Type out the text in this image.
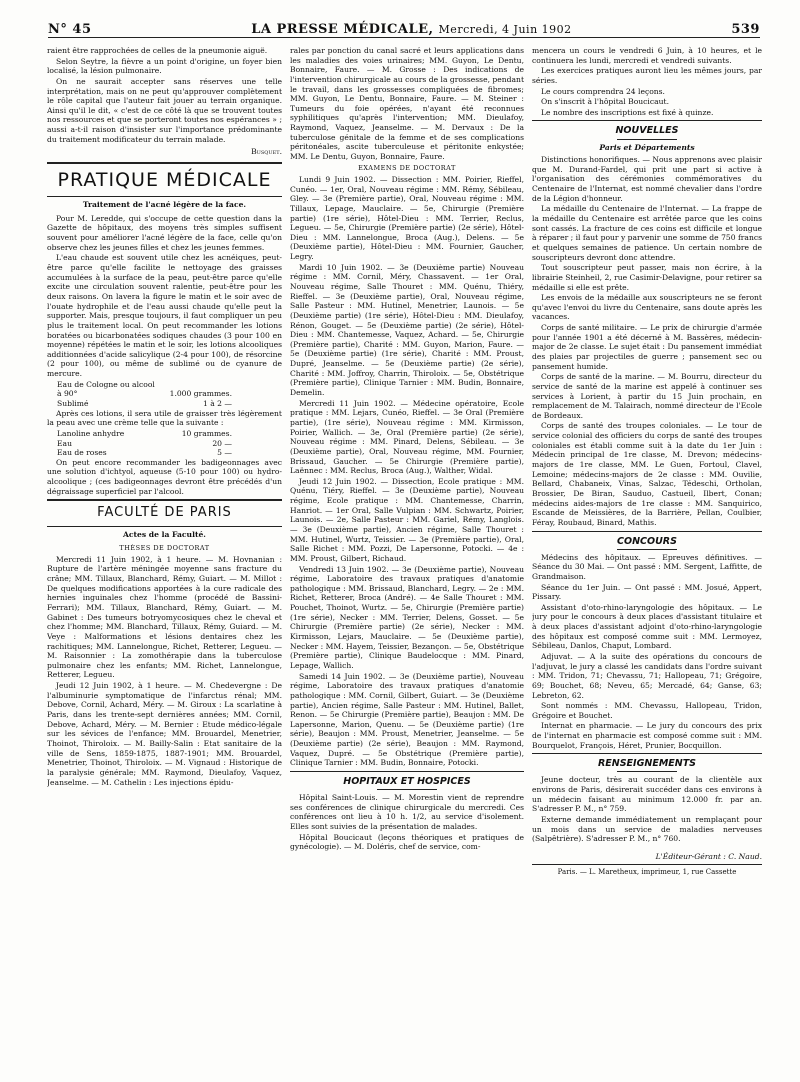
N° 45	LA PRESSE MÉDICALE, Mercredi, 4 Juin 1902	539

raient être rapprochées de celles de la pneumonie aiguë.

Selon Seytre, la fièvre a un point d'origine, un foyer bien localisé, la lésion pulmonaire.

On ne saurait accepter sans réserves une telle interprétation, mais on ne peut qu'approuver complètement le rôle capital que l'auteur fait jouer au terrain organique. Ainsi qu'il le dit, « c'est de ce côté là que se trouvent toutes nos ressources et que se porteront toutes nos espérances » ; aussi a-t-il raison d'insister sur l'importance prédominante du traitement modificateur du terrain malade.

Busquet.
PRATIQUE MÉDICALE
Traitement de l'acné légère de la face.

Pour M. Leredde, qui s'occupe de cette question dans la Gazette de hôpitaux, des moyens très simples suffisent souvent pour améliorer l'acné légère de la face, celle qu'on observe chez les jeunes filles et chez les jeunes femmes.

L'eau chaude est souvent utile chez les acnéiques, peut-être parce qu'elle facilite le nettoyage des graisses accumulées à la surface de la peau, peut-être parce qu'elle excite une circulation souvent ralentie, peut-être pour les deux raisons. On lavera la figure le matin et le soir avec de l'ouate hydrophile et de l'eau aussi chaude qu'elle peut la supporter. Mais, presque toujours, il faut compliquer un peu plus le traitement local. On peut recommander les lotions boratées ou bicarbonatées sodiques chaudes (3 pour 100 en moyenne) répétées le matin et le soir, les lotions alcooliques additionnées d'acide salicylique (2-4 pour 100), de résorcine (2 pour 100), ou même de sublimé ou de cyanure de mercure.

Eau de Cologne ou alcool
à 90°	1.000 grammes.
Sublimé	1 à 2 —

Après ces lotions, il sera utile de graisser très légèrement la peau avec une crème telle que la suivante :

Lanoline anhydre	10 grammes.
Eau	20 —
Eau de roses	5 —

On peut encore recommander les badigeonnages avec une solution d'ichtyol, aqueuse (5-10 pour 100) ou hydro-alcoolique ; (ces badigeonnages devront être précédés d'un dégraissage superficiel par l'alcool.

FACULTÉ DE PARIS
Actes de la Faculté.
THÈSES DE DOCTORAT

Mercredi 11 Juin 1902, à 1 heure. — M. Hovnanian : Rupture de l'artère méningée moyenne sans fracture du crâne; MM. Tillaux, Blanchard, Rémy, Guiart. — M. Millot : De quelques modifications apportées à la cure radicale des hernies inguinales chez l'homme (procédé de Bassini-Ferrari); MM. Tillaux, Blanchard, Rémy, Guiart. — M. Gabinet : Des tumeurs botryomycosiques chez le cheval et chez l'homme; MM. Blanchard, Tillaux, Rémy, Guiard. — M. Veye : Malformations et lésions dentaires chez les rachitiques; MM. Lannelongue, Richet, Retterer, Legueu. — M. Raisonnier : La zomothérapie dans la tuberculose pulmonaire chez les enfants; MM. Richet, Lannelongue, Retterer, Legueu.

Jeudi 12 Juin 1902, à 1 heure. — M. Chedevergne : De l'albuminurie symptomatique de l'infarctus rénal; MM. Debove, Cornil, Achard, Méry. — M. Giroux : La scarlatine à Paris, dans les trente-sept dernières années; MM. Cornil, Debove, Achard, Méry. — M. Bernier : Etude médico-légale sur les sévices de l'enfance; MM. Brouardel, Menetrier, Thoinot, Thiroloix. — M. Bailly-Salin : Etat sanitaire de la ville de Sens, 1859-1875, 1887-1901; MM. Brouardel, Menetrier, Thoinot, Thiroloix. — M. Vignaud : Historique de la paralysie générale; MM. Raymond, Dieulafoy, Vaquez, Jeanselme. — M. Cathelin : Les injections épidu-

rales par ponction du canal sacré et leurs applications dans les maladies des voies urinaires; MM. Guyon, Le Dentu, Bonnaire, Faure. — M. Grosse : Des indications de l'intervention chirurgicale au cours de la grossesse, pendant le travail, dans les grossesses compliquées de fibromes; MM. Guyon, Le Dentu, Bonnaire, Faure. — M. Steiner : Tumeurs du foie opérées, n'ayant été reconnues syphilitiques qu'après l'intervention; MM. Dieulafoy, Raymond, Vaquez, Jeanselme. — M. Dervaux : De la tuberculose génitale de la femme et de ses complications péritonéales, ascite tuberculeuse et péritonite enkystée; MM. Le Dentu, Guyon, Bonnaire, Faure.

EXAMENS DE DOCTORAT

Lundi 9 Juin 1902. — Dissection : MM. Poirier, Rieffel, Cunéo. — 1er, Oral, Nouveau régime : MM. Rémy, Sébileau, Gley. — 3e (Première partie), Oral, Nouveau régime : MM. Tillaux, Lepage, Mauclaire. — 5e, Chirurgie (Première partie) (1re série), Hôtel-Dieu : MM. Terrier, Reclus, Legueu. — 5e, Chirurgie (Première partie) (2e série), Hôtel-Dieu : MM. Lannelongue, Broca (Aug.), Delens. — 5e (Deuxième partie), Hôtel-Dieu : MM. Fournier, Gaucher, Legry.

Mardi 10 Juin 1902. — 3e (Deuxième partie) Nouveau régime : MM. Cornil, Méry, Chassavent. — 1er Oral, Nouveau régime, Salle Thouret : MM. Quénu, Thiéry, Rieffel. — 3e (Deuxième partie), Oral, Nouveau régime, Salle Pasteur : MM. Hutinel, Menetrier, Launois. — 5e (Deuxième partie) (1re série), Hôtel-Dieu : MM. Dieulafoy, Rénon, Gouget. — 5e (Deuxième partie) (2e série), Hôtel-Dieu : MM. Chantemesse, Vaquez, Achard. — 5e, Chirurgie (Première partie), Charité : MM. Guyon, Marion, Faure. — 5e (Deuxième partie) (1re série), Charité : MM. Proust, Dupré, Jeanselme. — 5e (Deuxième partie) (2e série), Charité : MM. Joffroy, Charrin, Thiroloix. — 5e, Obstétrique (Première partie), Clinique Tarnier : MM. Budin, Bonnaire, Demelin.

Mercredi 11 Juin 1902. — Médecine opératoire, Ecole pratique : MM. Lejars, Cunéo, Rieffel. — 3e Oral (Première partie), (1re série), Nouveau régime : MM. Kirmisson, Poirier, Wallich. — 3e, Oral (Première partie) (2e série), Nouveau régime : MM. Pinard, Delens, Sébileau. — 3e (Deuxième partie), Oral, Nouveau régime, MM. Fournier, Brissaud, Gaucher. — 5e Chirurgie (Première partie), Laënnec : MM. Reclus, Broca (Aug.), Walther, Widal.

Jeudi 12 Juin 1902. — Dissection, Ecole pratique : MM. Quénu, Tiéry, Rieffel. — 3e (Deuxième partie), Nouveau régime, Ecole pratique : MM. Chantemesse, Charrin, Hanriot. — 1er Oral, Salle Vulpian : MM. Schwartz, Poirier, Launois. — 2e, Salle Pasteur : MM. Gariel, Rémy, Langlois. — 3e (Deuxième partie), Ancien régime, Salle Thouret : MM. Hutinel, Wurtz, Teissier. — 3e (Première partie), Oral, Salle Richet : MM. Pozzi, De Lapersonne, Potocki. — 4e : MM. Proust, Gilbert, Richaud.

Vendredi 13 Juin 1902. — 3e (Deuxième partie), Nouveau régime, Laboratoire des travaux pratiques d'anatomie pathologique : MM. Brissaud, Blanchard, Legry. — 2e : MM. Richet, Retterer, Broca (André). — 4e Salle Thouret : MM. Pouchet, Thoinot, Wurtz. — 5e, Chirurgie (Première partie) (1re série), Necker : MM. Terrier, Delens, Gosset. — 5e Chirurgie (Première partie) (2e série), Necker : MM. Kirmisson, Lejars, Mauclaire. — 5e (Deuxième partie), Necker : MM. Hayem, Teissier, Bezançon. — 5e, Obstétrique (Première partie), Clinique Baudelocque : MM. Pinard, Lepage, Wallich.

Samedi 14 Juin 1902. — 3e (Deuxième partie), Nouveau régime, Laboratoire des travaux pratiques d'anatomie pathologique : MM. Cornil, Gilbert, Guiart. — 3e (Deuxième partie), Ancien régime, Salle Pasteur : MM. Hutinel, Ballet, Renon. — 5e Chirurgie (Première partie), Beaujon : MM. De Lapersonne, Marion, Quenu. — 5e (Deuxième partie) (1re série), Beaujon : MM. Proust, Menetrier, Jeanselme. — 5e (Deuxième partie) (2e série), Beaujon : MM. Raymond, Vaquez, Dupré. — 5e Obstétrique (Première partie), Clinique Tarnier : MM. Budin, Bonnaire, Potocki.

HOPITAUX ET HOSPICES

Hôpital Saint-Louis. — M. Morestin vient de reprendre ses conférences de clinique chirurgicale du mercredi. Ces conférences ont lieu à 10 h. 1/2, au service d'isolement. Elles sont suivies de la présentation de malades.

Hôpital Boucicaut (leçons théoriques et pratiques de gynécologie). — M. Doléris, chef de service, com-

mencera un cours le vendredi 6 Juin, à 10 heures, et le continuera les lundi, mercredi et vendredi suivants.

Les exercices pratiques auront lieu les mêmes jours, par séries.

Le cours comprendra 24 leçons.

On s'inscrit à l'hôpital Boucicaut.

Le nombre des inscriptions est fixé à quinze.

NOUVELLES
Paris et Départements

Distinctions honorifiques. — Nous apprenons avec plaisir que M. Durand-Fardel, qui prit une part si active à l'organisation des cérémonies commémoratives du Centenaire de l'Internat, est nommé chevalier dans l'ordre de la Légion d'honneur.

La médaille du Centenaire de l'Internat. — La frappe de la médaille du Centenaire est arrêtée parce que les coins sont cassés. La fracture de ces coins est difficile et longue à réparer ; il faut pour y parvenir une somme de 750 francs et quelques semaines de patience. Un certain nombre de souscripteurs devront donc attendre.

Tout souscripteur peut passer, mais non écrire, à la librairie Steinheil, 2, rue Casimir-Delavigne, pour retirer sa médaille si elle est prête.

Les envois de la médaille aux souscripteurs ne se feront qu'avec l'envoi du livre du Centenaire, sans doute après les vacances.

Corps de santé militaire. — Le prix de chirurgie d'armée pour l'année 1901 a été décerné à M. Bassères, médecin-major de 2e classe. Le sujet était : Du pansement immédiat des plaies par projectiles de guerre ; pansement sec ou pansement humide.

Corps de santé de la marine. — M. Bourru, directeur du service de santé de la marine est appelé à continuer ses services à Lorient, à partir du 15 Juin prochain, en remplacement de M. Talairach, nommé directeur de l'Ecole de Bordeaux.

Corps de santé des troupes coloniales. — Le tour de service colonial des officiers du corps de santé des troupes coloniales est établi comme suit à la date du 1er Juin : Médecin principal de 1re classe, M. Drevon; médecins-majors de 1re classe, MM. Le Guen, Fortoul, Clavel, Lemoine; médecins-majors de 2e classe : MM. Ouvilie, Bellard, Chabaneix, Vinas, Salzac, Tédeschi, Ortholan, Brossier, De Biran, Sauduo, Castueil, Ilbert, Conan; médecins aides-majors de 1re classe : MM. Sanquirico, Escande de Meissières, de la Barrière, Pellan, Coulbier, Féray, Roubaud, Binard, Mathis.

CONCOURS

Médecins des hôpitaux. — Epreuves définitives. — Séance du 30 Mai. — Ont passé : MM. Sergent, Laffitte, de Grandmaison.

Séance du 1er Juin. — Ont passé : MM. Josué, Appert, Pissary.

Assistant d'oto-rhino-laryngologie des hôpitaux. — Le jury pour le concours à deux places d'assistant titulaire et à deux places d'assistant adjoint d'oto-rhino-laryngologie des hôpitaux est composé comme suit : MM. Lermoyez, Sébileau, Danlos, Chaput, Lombard.

Adjuvat. — A la suite des opérations du concours de l'adjuvat, le jury a classé les candidats dans l'ordre suivant : MM. Tridon, 71; Chevassu, 71; Hallopeau, 71; Grégoire, 69; Bouchet, 68; Neveu, 65; Mercadé, 64; Ganse, 63; Lebreton, 62.

Sont nommés : MM. Chevassu, Hallopeau, Tridon, Grégoire et Bouchet.

Internat en pharmacie. — Le jury du concours des prix de l'internat en pharmacie est composé comme suit : MM. Bourquelot, François, Héret, Prunier, Bocquillon.

RENSEIGNEMENTS

Jeune docteur, très au courant de la clientèle aux environs de Paris, désirerait succéder dans ces environs à un médecin faisant au minimum 12.000 fr. par an. S'adresser P. M., n° 759.

Externe demande immédiatement un remplaçant pour un mois dans un service de maladies nerveuses (Salpêtrière). S'adresser P. M., n° 760.

L'Éditeur-Gérant : C. Naud.
Paris. — L. Maretheux, imprimeur, 1, rue Cassette
